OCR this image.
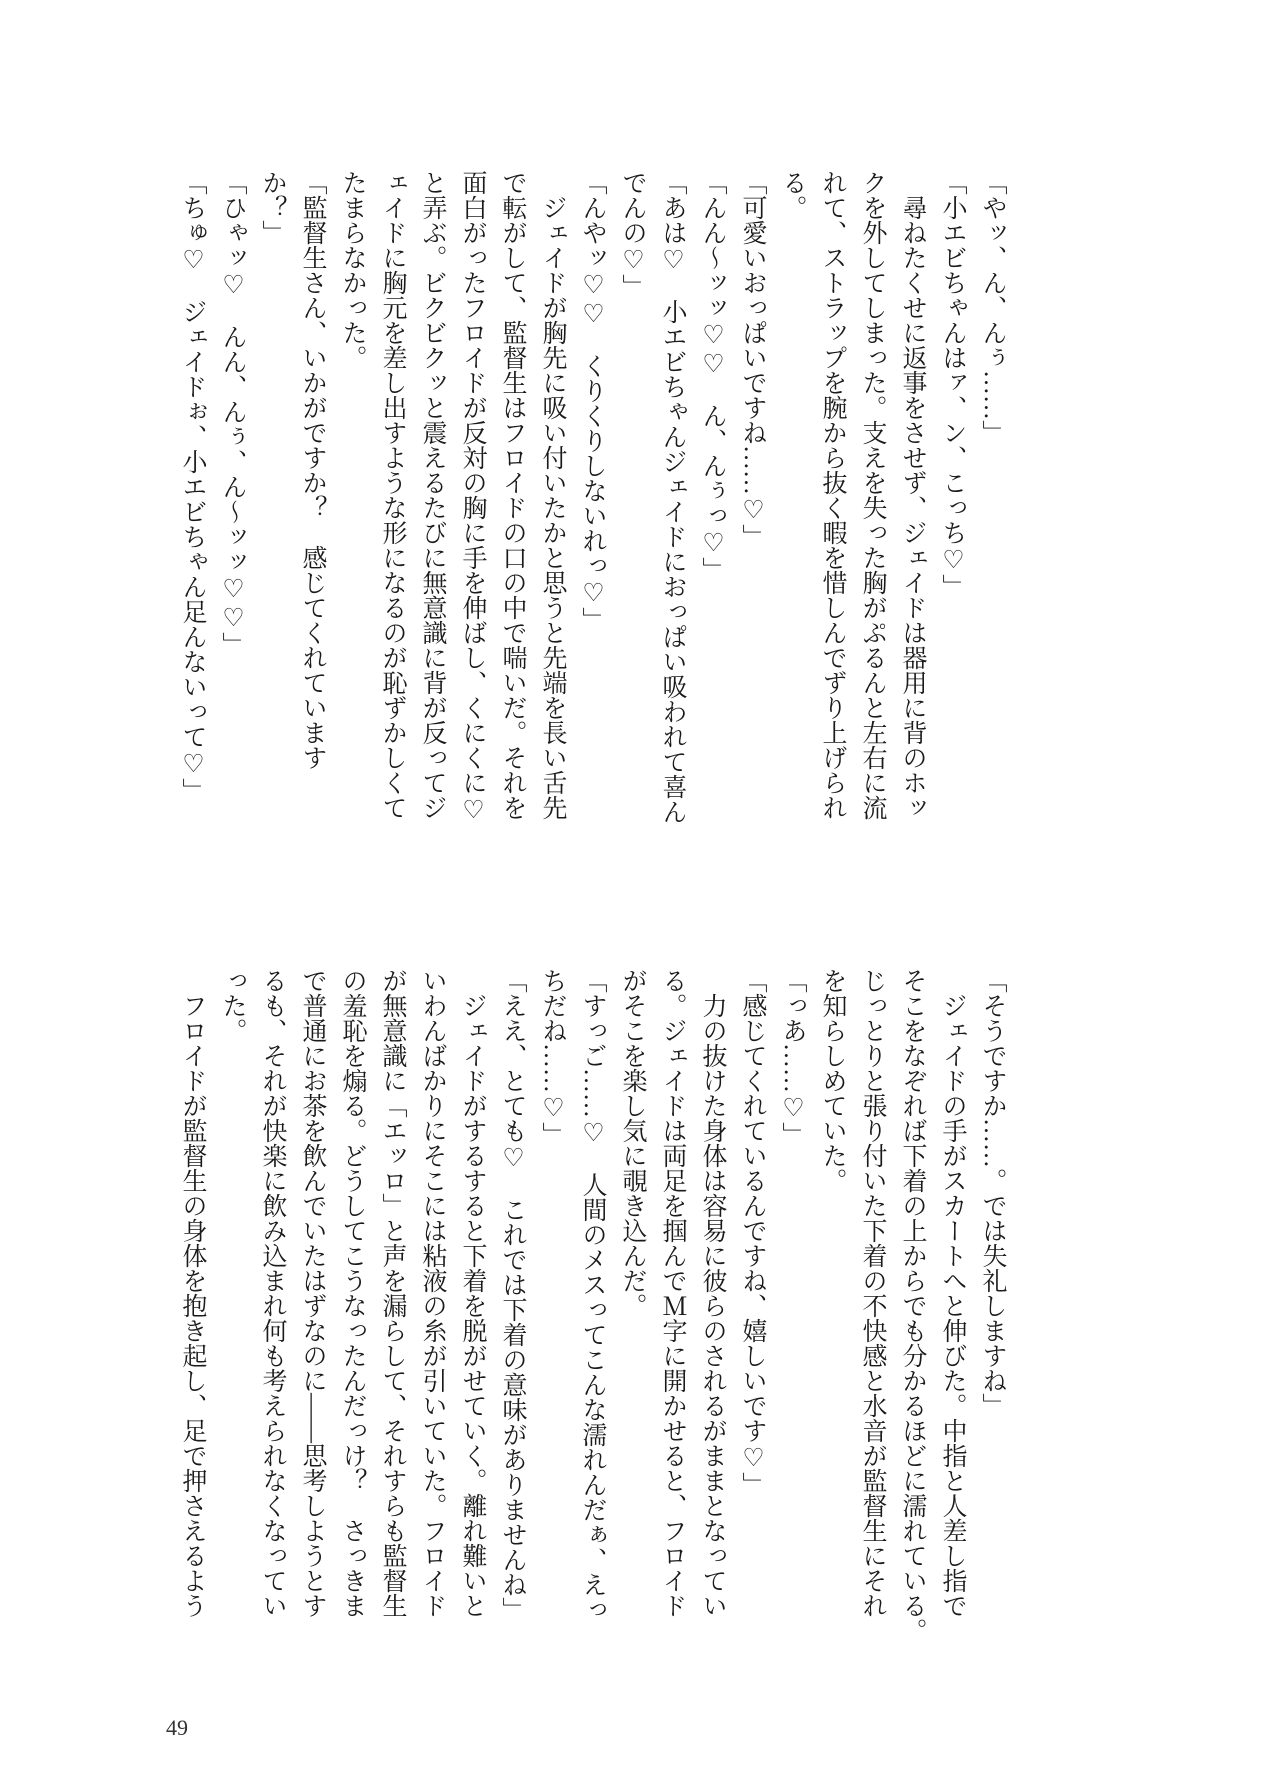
「やッ、ん、んぅ……」
「小エビちゃんはァ、ン、こっち♡」
　尋ねたくせに返事をさせず、ジェイドは器用に背のホッ
クを外してしまった。支えを失った胸がぷるんと左右に流
れて、ストラップを腕から抜く暇を惜しんでずり上げられ
る。
「可愛いおっぱいですね……♡」
「んん〜ッッ♡♡　ん、んぅっ♡」
「あは♡　小エビちゃんジェイドにおっぱい吸われて喜ん
でんの♡」
「んやッ♡♡　くりくりしないれっ♡」
　ジェイドが胸先に吸い付いたかと思うと先端を長い舌先
で転がして、監督生はフロイドの口の中で喘いだ。それを
面白がったフロイドが反対の胸に手を伸ばし、くにくに♡
と弄ぶ。ビクビクッと震えるたびに無意識に背が反ってジ
ェイドに胸元を差し出すような形になるのが恥ずかしくて
たまらなかった。
「監督生さん、いかがですか？　感じてくれています
か？」
「ひゃッ♡　んん、んぅ、ん〜ッッ♡♡」
「ちゅ♡　ジェイドぉ、小エビちゃん足んないって♡」
「そうですか……。では失礼しますね」
　ジェイドの手がスカートへと伸びた。中指と人差し指で
そこをなぞれば下着の上からでも分かるほどに濡れている。
じっとりと張り付いた下着の不快感と水音が監督生にそれ
を知らしめていた。
「っあ……♡」
「感じてくれているんですね、嬉しいです♡」
　力の抜けた身体は容易に彼らのされるがままとなってい
る。ジェイドは両足を掴んでＭ字に開かせると、フロイド
がそこを楽し気に覗き込んだ。
「すっご……♡　人間のメスってこんな濡れんだぁ、えっ
ちだね……♡」
「ええ、とても♡　これでは下着の意味がありませんね」
　ジェイドがするすると下着を脱がせていく。離れ難いと
いわんばかりにそこには粘液の糸が引いていた。フロイド
が無意識に「エッロ」と声を漏らして、それすらも監督生
の羞恥を煽る。どうしてこうなったんだっけ？　さっきま
で普通にお茶を飲んでいたはずなのに――思考しようとす
るも、それが快楽に飲み込まれ何も考えられなくなってい
った。
　フロイドが監督生の身体を抱き起し、足で押さえるよう
49
